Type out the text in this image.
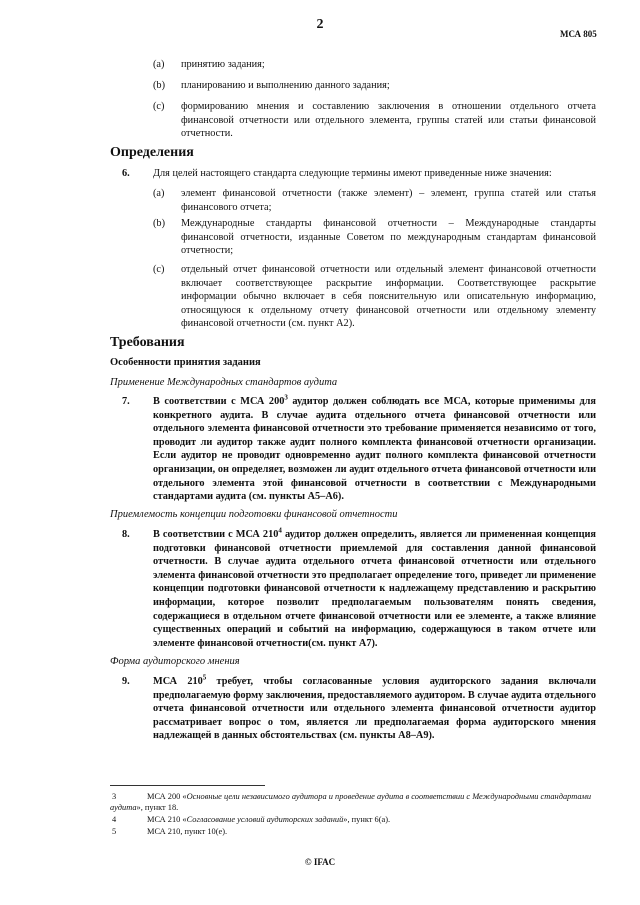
2
МСА 805
(a)	принятию задания;
(b)	планированию и выполнению данного задания;
(c)	формированию мнения и составлению заключения в отношении отдельного отчета финансовой отчетности или отдельного элемента, группы статей или статьи финансовой отчетности.
Определения
6. Для целей настоящего стандарта следующие термины имеют приведенные ниже значения:
(a)	элемент финансовой отчетности (также элемент) – элемент, группа статей или статья финансового отчета;
(b)	Международные стандарты финансовой отчетности – Международные стандарты финансовой отчетности, изданные Советом по международным стандартам финансовой отчетности;
(c)	отдельный отчет финансовой отчетности или отдельный элемент финансовой отчетности включает соответствующее раскрытие информации. Соответствующее раскрытие информации обычно включает в себя пояснительную или описательную информацию, относящуюся к отдельному отчету финансовой отчетности или отдельному элементу финансовой отчетности (см. пункт А2).
Требования
Особенности принятия задания
Применение Международных стандартов аудита
7. В соответствии с МСА $200^3$ аудитор должен соблюдать все МСА, которые применимы для конкретного аудита. В случае аудита отдельного отчета финансовой отчетности или отдельного элемента финансовой отчетности это требование применяется независимо от того, проводит ли аудитор также аудит полного комплекта финансовой отчетности организации. Если аудитор не проводит одновременно аудит полного комплекта финансовой отчетности организации, он определяет, возможен ли аудит отдельного отчета финансовой отчетности или отдельного элемента этой финансовой отчетности в соответствии с Международными стандартами аудита (см. пункты А5–А6).
Приемлемость концепции подготовки финансовой отчетности
8. В соответствии с МСА $210^4$ аудитор должен определить, является ли примененная концепция подготовки финансовой отчетности приемлемой для составления данной финансовой отчетности. В случае аудита отдельного отчета финансовой отчетности или отдельного элемента финансовой отчетности это предполагает определение того, приведет ли применение концепции подготовки финансовой отчетности к надлежащему представлению и раскрытию информации, которое позволит предполагаемым пользователям понять сведения, содержащиеся в отдельном отчете финансовой отчетности или ее элементе, а также влияние существенных операций и событий на информацию, содержащуюся в таком отчете или элементе финансовой отчетности(см. пункт А7).
Форма аудиторского мнения
9. МСА $210^5$ требует, чтобы согласованные условия аудиторского задания включали предполагаемую форму заключения, предоставляемого аудитором. В случае аудита отдельного отчета финансовой отчетности или отдельного элемента финансовой отчетности аудитор рассматривает вопрос о том, является ли предполагаемая форма аудиторского мнения надлежащей в данных обстоятельствах (см. пункты А8–А9).
3	МСА 200 «Основные цели независимого аудитора и проведение аудита в соответствии с Международными стандартами аудита», пункт 18.
4	МСА 210 «Согласование условий аудиторских заданий», пункт 6(а).
5	МСА 210, пункт 10(е).
© IFAC
